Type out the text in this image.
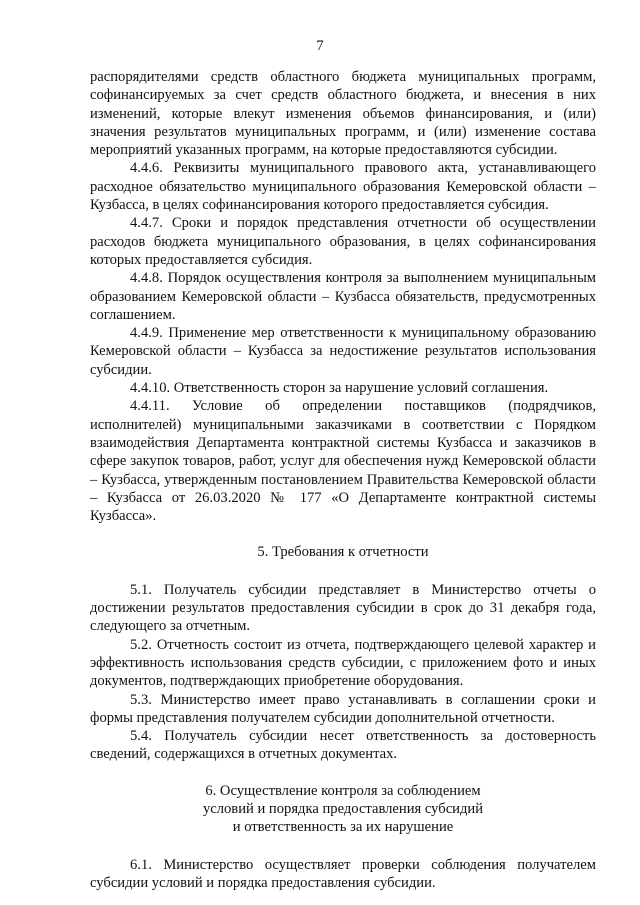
7

распорядителями средств областного бюджета муниципальных программ, софинансируемых за счет средств областного бюджета, и внесения в них изменений, которые влекут изменения объемов финансирования, и (или) значения результатов муниципальных программ, и (или) изменение состава мероприятий указанных программ, на которые предоставляются субсидии.

4.4.6. Реквизиты муниципального правового акта, устанавливающего расходное обязательство муниципального образования Кемеровской области – Кузбасса, в целях софинансирования которого предоставляется субсидия.

4.4.7. Сроки и порядок представления отчетности об осуществлении расходов бюджета муниципального образования, в целях софинансирования которых предоставляется субсидия.

4.4.8. Порядок осуществления контроля за выполнением муниципальным образованием Кемеровской области – Кузбасса обязательств, предусмотренных соглашением.

4.4.9. Применение мер ответственности к муниципальному образованию Кемеровской области – Кузбасса за недостижение результатов использования субсидии.

4.4.10. Ответственность сторон за нарушение условий соглашения.

4.4.11. Условие об определении поставщиков (подрядчиков, исполнителей) муниципальными заказчиками в соответствии с Порядком взаимодействия Департамента контрактной системы Кузбасса и заказчиков в сфере закупок товаров, работ, услуг для обеспечения нужд Кемеровской области – Кузбасса, утвержденным постановлением Правительства Кемеровской области – Кузбасса от 26.03.2020 № 177 «О Департаменте контрактной системы Кузбасса».

5. Требования к отчетности

5.1. Получатель субсидии представляет в Министерство отчеты о достижении результатов предоставления субсидии в срок до 31 декабря года, следующего за отчетным.

5.2. Отчетность состоит из отчета, подтверждающего целевой характер и эффективность использования средств субсидии, с приложением фото и иных документов, подтверждающих приобретение оборудования.

5.3. Министерство имеет право устанавливать в соглашении сроки и формы представления получателем субсидии дополнительной отчетности.

5.4. Получатель субсидии несет ответственность за достоверность сведений, содержащихся в отчетных документах.

6. Осуществление контроля за соблюдением

условий и порядка предоставления субсидий

и ответственность за их нарушение

6.1. Министерство осуществляет проверки соблюдения получателем субсидии условий и порядка предоставления субсидии.
